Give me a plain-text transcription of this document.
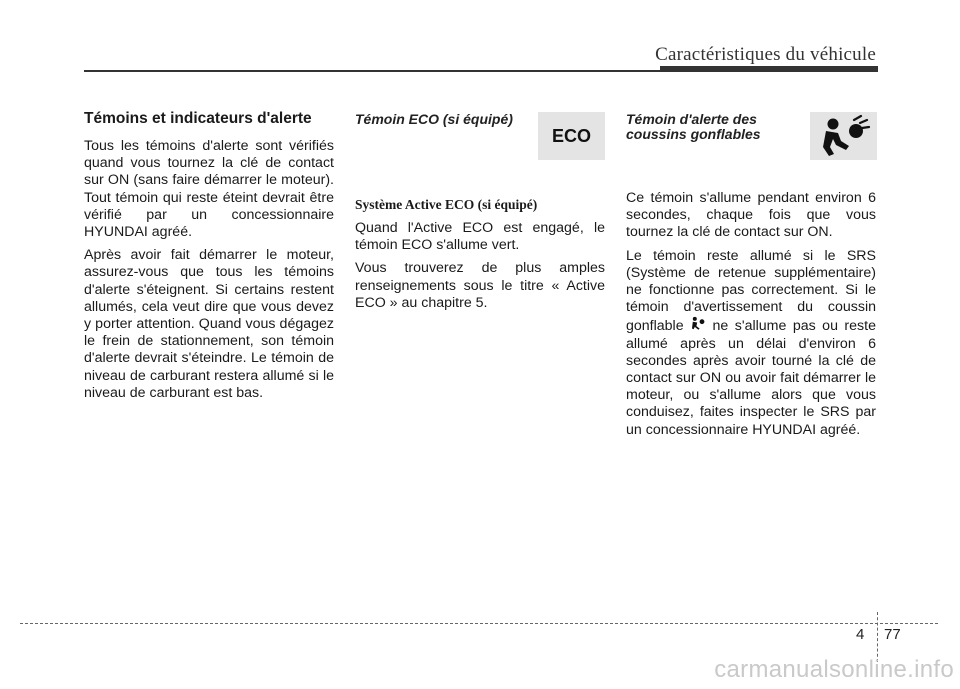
Caractéristiques du véhicule
Témoins et indicateurs d'alerte

Tous les témoins d'alerte sont vérifiés quand vous tournez la clé de contact sur ON (sans faire démarrer le moteur). Tout témoin qui reste éteint devrait être vérifié par un concessionnaire HYUNDAI agréé.

Après avoir fait démarrer le moteur, assurez-vous que tous les témoins d'alerte s'éteignent. Si certains restent allumés, cela veut dire que vous devez y porter attention. Quand vous dégagez le frein de stationnement, son témoin d'alerte devrait s'éteindre. Le témoin de niveau de carburant restera allumé si le niveau de carburant est bas.

Témoin ECO (si équipé)
Système Active ECO (si équipé)

Quand l'Active ECO est engagé, le témoin ECO s'allume vert.

Vous trouverez de plus amples renseignements sous le titre « Active ECO » au chapitre 5.

ECO
Témoin d'alerte des
coussins gonflables

Ce témoin s'allume pendant environ 6 secondes, chaque fois que vous tournez la clé de contact sur ON.

Le témoin reste allumé si le SRS (Système de retenue supplémentaire) ne fonctionne pas correctement. Si le témoin d'avertissement du coussin gonflable ne s'allume pas ou reste allumé après un délai d'environ 6 secondes après avoir tourné la clé de contact sur ON ou avoir fait démarrer le moteur, ou s'allume alors que vous conduisez, faites inspecter le SRS par un concessionnaire HYUNDAI agréé.

4 77
carmanualsonline.info
